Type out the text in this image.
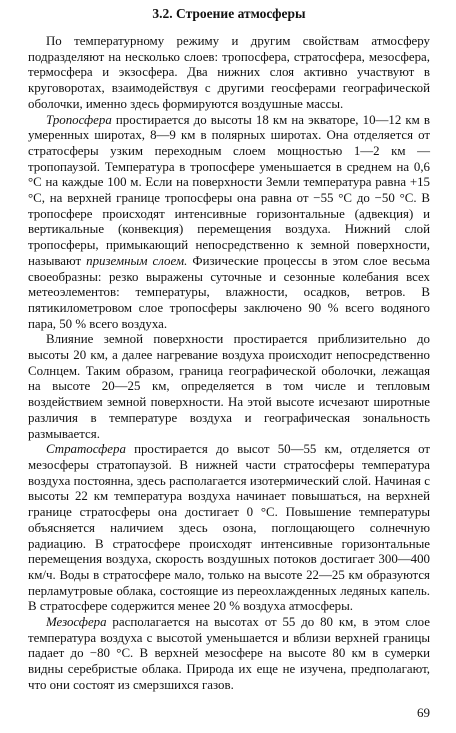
3.2. Строение атмосферы

По температурному режиму и другим свойствам атмосферу подразделяют на несколько слоев: тропосфера, стратосфера, мезосфера, термосфера и экзосфера. Два нижних слоя активно участвуют в круговоротах, взаимодействуя с другими геосферами географической оболочки, именно здесь формируются воздушные массы.

Тропосфера простирается до высоты 18 км на экваторе, 10—12 км в умеренных широтах, 8—9 км в полярных широтах. Она отделяется от стратосферы узким переходным слоем мощностью 1—2 км — тропопаузой. Температура в тропосфере уменьшается в среднем на 0,6 °С на каждые 100 м. Если на поверхности Земли температура равна +15 °С, на верхней границе тропосферы она равна от −55 °С до −50 °С. В тропосфере происходят интенсивные горизонтальные (адвекция) и вертикальные (конвекция) перемещения воздуха. Нижний слой тропосферы, примыкающий непосредственно к земной поверхности, называют приземным слоем. Физические процессы в этом слое весьма своеобразны: резко выражены суточные и сезонные колебания всех метеоэлементов: температуры, влажности, осадков, ветров. В пятикилометровом слое тропосферы заключено 90 % всего водяного пара, 50 % всего воздуха.

Влияние земной поверхности простирается приблизительно до высоты 20 км, а далее нагревание воздуха происходит непосредственно Солнцем. Таким образом, граница географической оболочки, лежащая на высоте 20—25 км, определяется в том числе и тепловым воздействием земной поверхности. На этой высоте исчезают широтные различия в температуре воздуха и географическая зональность размывается.

Стратосфера простирается до высот 50—55 км, отделяется от мезосферы стратопаузой. В нижней части стратосферы температура воздуха постоянна, здесь располагается изотермический слой. Начиная с высоты 22 км температура воздуха начинает повышаться, на верхней границе стратосферы она достигает 0 °С. Повышение температуры объясняется наличием здесь озона, поглощающего солнечную радиацию. В стратосфере происходят интенсивные горизонтальные перемещения воздуха, скорость воздушных потоков достигает 300—400 км/ч. Воды в стратосфере мало, только на высоте 22—25 км образуются перламутровые облака, состоящие из переохлажденных ледяных капель. В стратосфере содержится менее 20 % воздуха атмосферы.

Мезосфера располагается на высотах от 55 до 80 км, в этом слое температура воздуха с высотой уменьшается и вблизи верхней границы падает до −80 °С. В верхней мезосфере на высоте 80 км в сумерки видны серебристые облака. Природа их еще не изучена, предполагают, что они состоят из смерзшихся газов.

69
